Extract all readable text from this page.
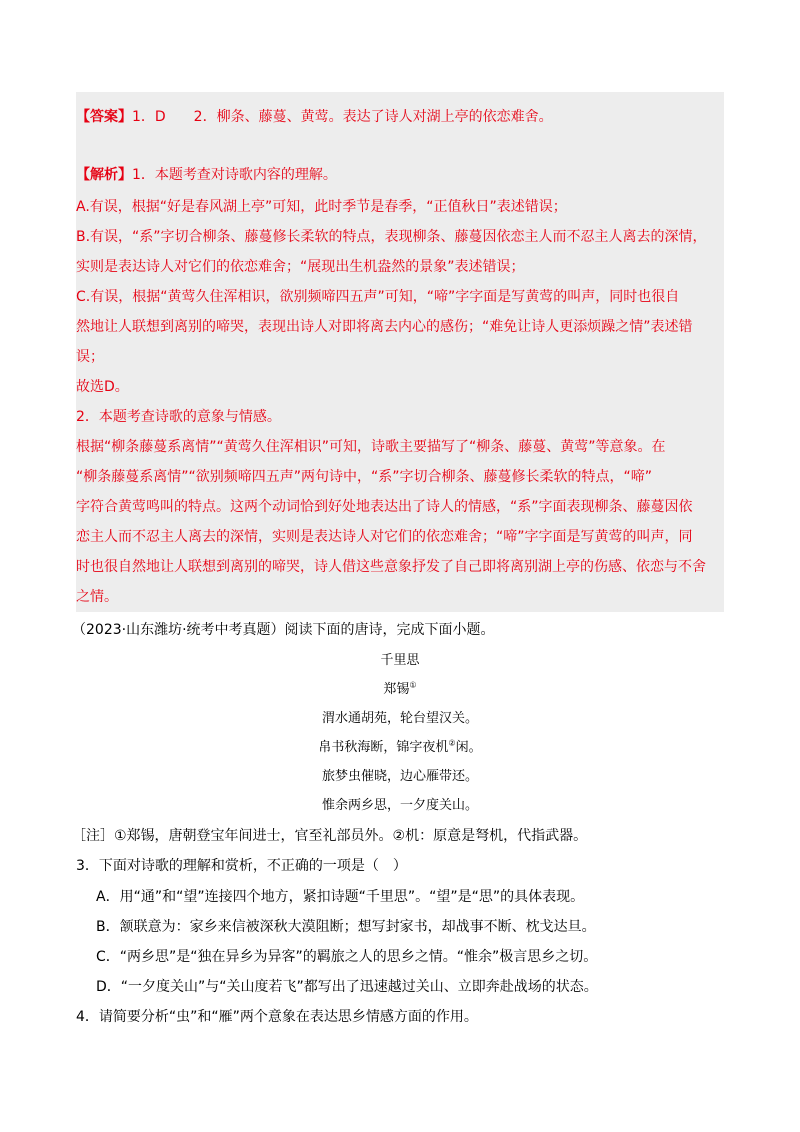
【答案】1．D　　2．柳条、藤蔓、黄莺。表达了诗人对湖上亭的依恋难舍。
【解析】1．本题考查对诗歌内容的理解。
A.有误，根据“好是春风湖上亭”可知，此时季节是春季，“正值秋日”表述错误；
B.有误，“系”字切合柳条、藤蔓修长柔软的特点，表现柳条、藤蔓因依恋主人而不忍主人离去的深情，
实则是表达诗人对它们的依恋难舍；“展现出生机盎然的景象”表述错误；
C.有误，根据“黄莺久住浑相识，欲别频啼四五声”可知，“啼”字字面是写黄莺的叫声，同时也很自
然地让人联想到离别的啼哭，表现出诗人对即将离去内心的感伤；“难免让诗人更添烦躁之情”表述错
误；
故选D。
2．本题考查诗歌的意象与情感。
根据“柳条藤蔓系离情”“黄莺久住浑相识”可知，诗歌主要描写了“柳条、藤蔓、黄莺”等意象。在
“柳条藤蔓系离情”“欲别频啼四五声”两句诗中，“系”字切合柳条、藤蔓修长柔软的特点，“啼”
字符合黄莺鸣叫的特点。这两个动词恰到好处地表达出了诗人的情感，“系”字面表现柳条、藤蔓因依
恋主人而不忍主人离去的深情，实则是表达诗人对它们的依恋难舍；“啼”字字面是写黄莺的叫声，同
时也很自然地让人联想到离别的啼哭，诗人借这些意象抒发了自己即将离别湖上亭的伤感、依恋与不舍
之情。
（2023·山东潍坊·统考中考真题）阅读下面的唐诗，完成下面小题。
千里思
郑锡①
渭水通胡苑，轮台望汉关。
帛书秋海断，锦字夜机②闲。
旅梦虫催晓，边心雁带还。
惟余两乡思，一夕度关山。
［注］①郑锡，唐朝登宝年间进士，官至礼部员外。②机：原意是弩机，代指武器。
3．下面对诗歌的理解和赏析，不正确的一项是（　）
A．用“通”和“望”连接四个地方，紧扣诗题“千里思”。“望”是“思”的具体表现。
B．颔联意为：家乡来信被深秋大漠阻断；想写封家书，却战事不断、枕戈达旦。
C．“两乡思”是“独在异乡为异客”的羁旅之人的思乡之情。“惟余”极言思乡之切。
D．“一夕度关山”与“关山度若飞”都写出了迅速越过关山、立即奔赴战场的状态。
4．请简要分析“虫”和“雁”两个意象在表达思乡情感方面的作用。
